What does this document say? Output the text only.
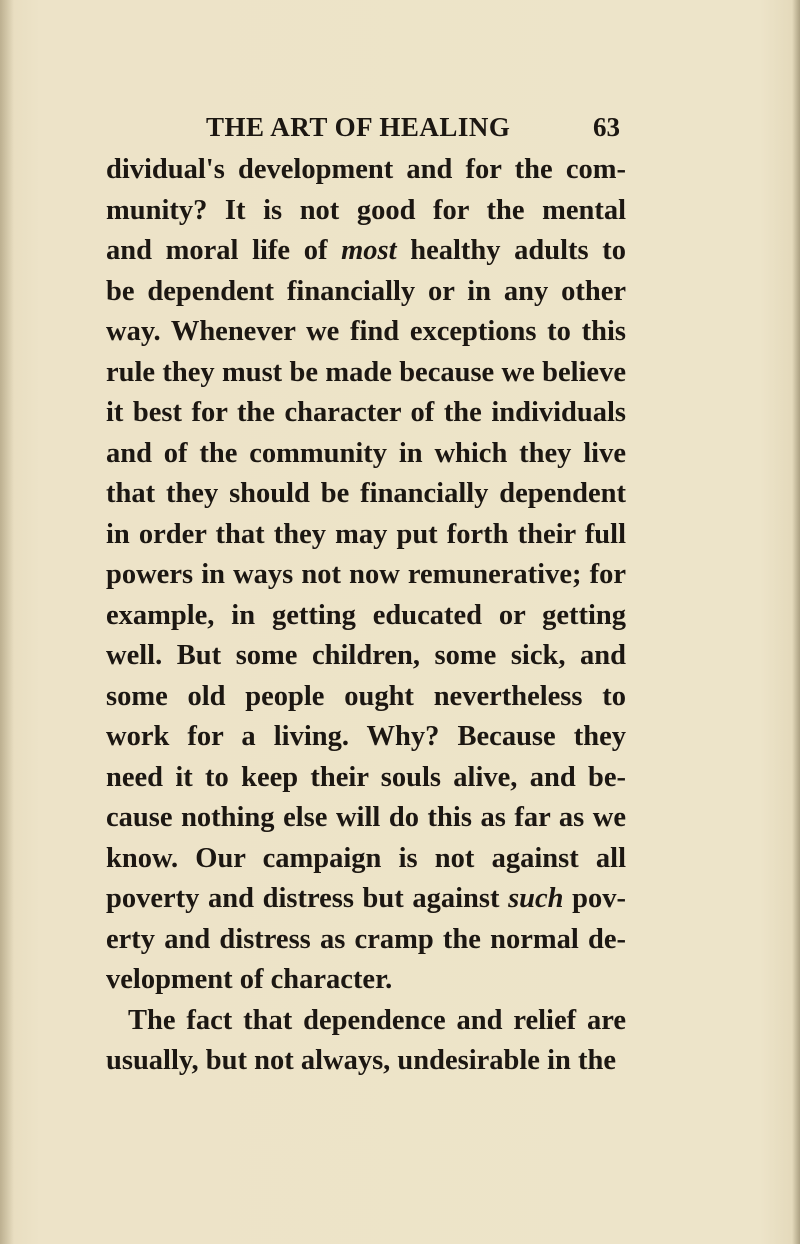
THE ART OF HEALING	63
dividual's development and for the com-
munity? It is not good for the mental
and moral life of most healthy adults to
be dependent financially or in any other
way. Whenever we find exceptions to this
rule they must be made because we believe
it best for the character of the individuals
and of the community in which they live
that they should be financially dependent
in order that they may put forth their full
powers in ways not now remunerative; for
example, in getting educated or getting
well. But some children, some sick, and
some old people ought nevertheless to
work for a living. Why? Because they
need it to keep their souls alive, and be-
cause nothing else will do this as far as we
know. Our campaign is not against all
poverty and distress but against such pov-
erty and distress as cramp the normal de-
velopment of character.
The fact that dependence and relief are
usually, but not always, undesirable in the
